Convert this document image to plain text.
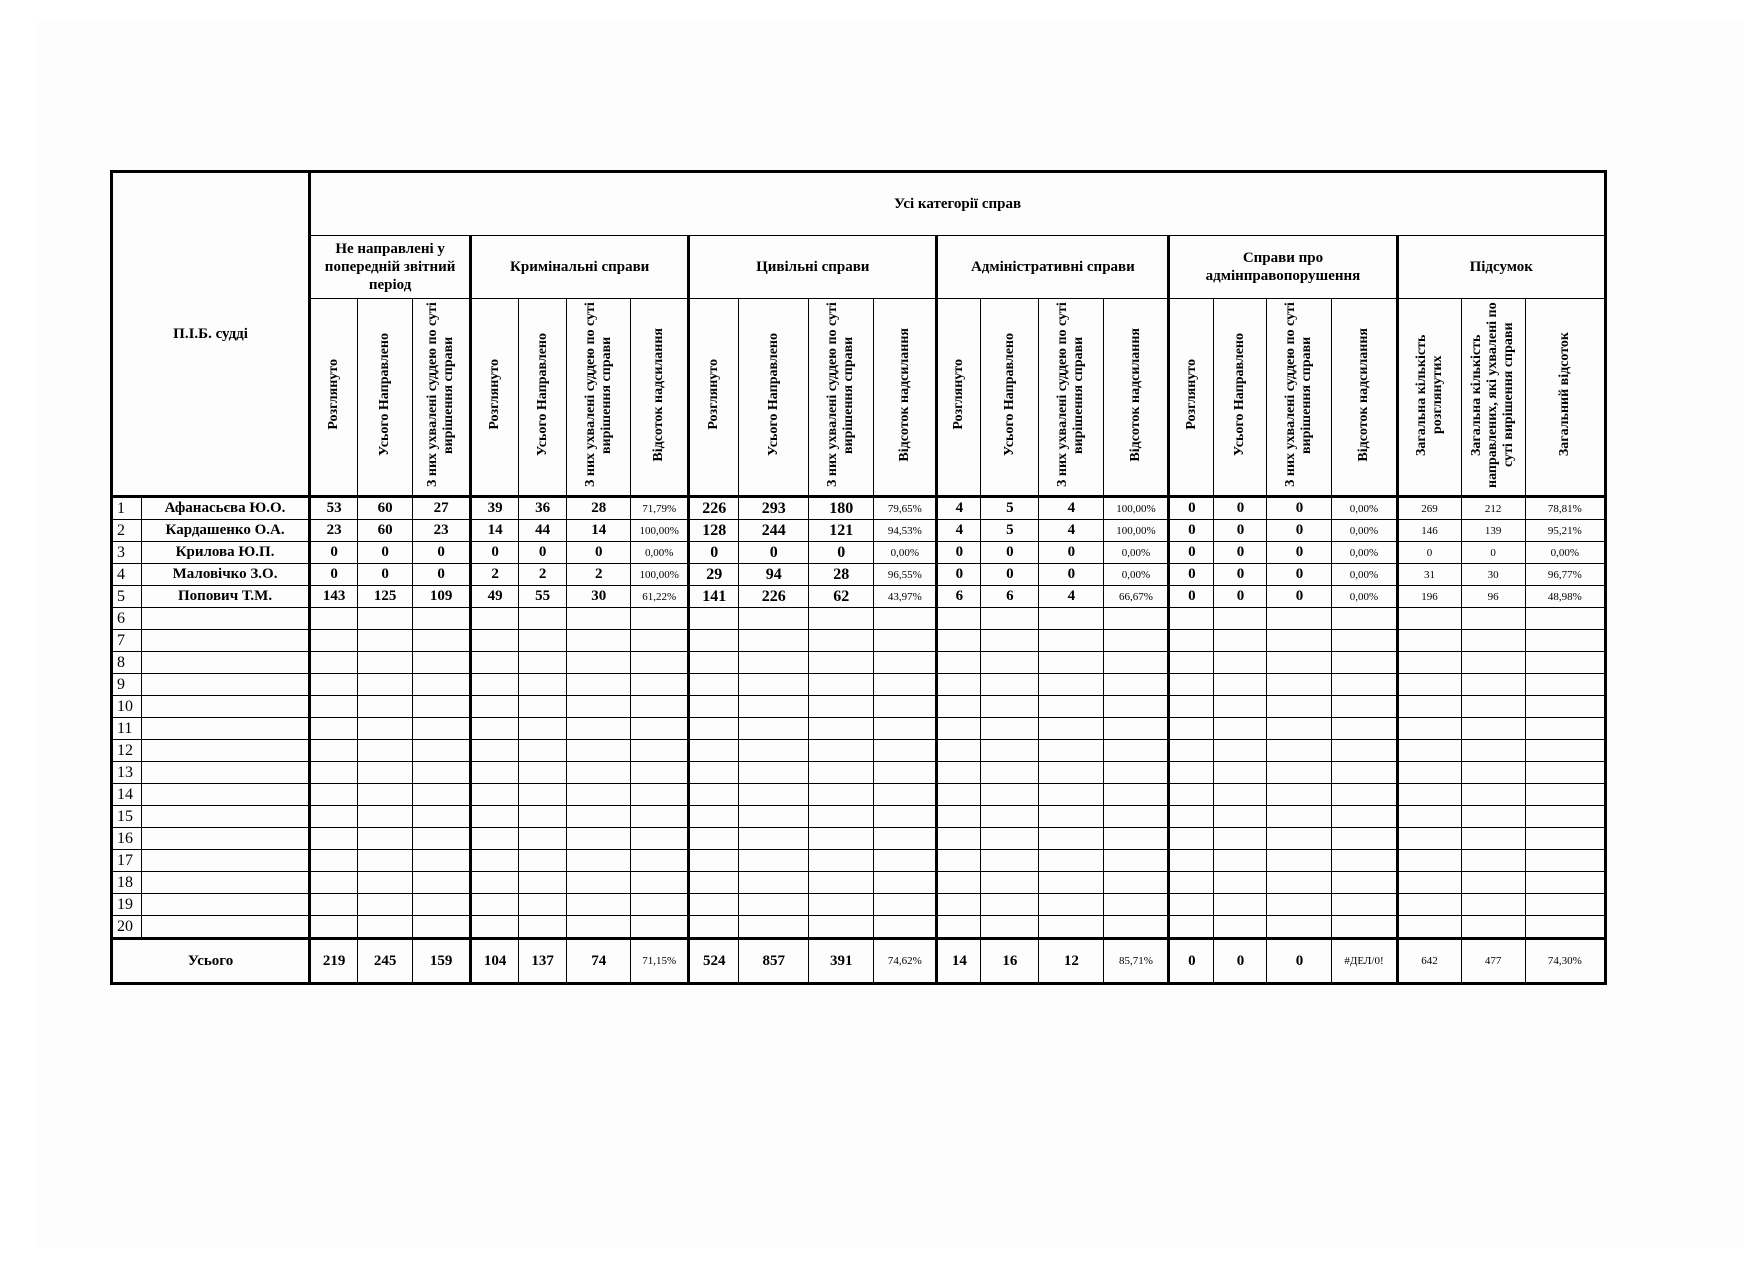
П.І.Б. судді		Усі категорії справ																					
		Не направлені у попередній звітний період			Кримінальні справи				Цивільні справи				Адміністративні справи				Справи про адмінправопорушення				Підсумок		
		Розглянуто	Усього Направлено	З них ухвалені суддею по суті вирішення справи	Розглянуто	Усього Направлено	З них ухвалені суддею по суті вирішення справи	Відсоток надсилання	Розглянуто	Усього Направлено	З них ухвалені суддею по суті вирішення справи	Відсоток надсилання	Розглянуто	Усього Направлено	З них ухвалені суддею по суті вирішення справи	Відсоток надсилання	Розглянуто	Усього Направлено	З них ухвалені суддею по суті вирішення справи	Відсоток надсилання	Загальна кількість розглянутих	Загальна кількість направлених, які ухвалені по суті вирішення справи	Загальний відсоток
1	Афанасьєва Ю.О.	53	60	27	39	36	28	71,79%	226	293	180	79,65%	4	5	4	100,00%	0	0	0	0,00%	269	212	78,81%
2	Кардашенко О.А.	23	60	23	14	44	14	100,00%	128	244	121	94,53%	4	5	4	100,00%	0	0	0	0,00%	146	139	95,21%
3	Крилова Ю.П.	0	0	0	0	0	0	0,00%	0	0	0	0,00%	0	0	0	0,00%	0	0	0	0,00%	0	0	0,00%
4	Маловічко З.О.	0	0	0	2	2	2	100,00%	29	94	28	96,55%	0	0	0	0,00%	0	0	0	0,00%	31	30	96,77%
5	Попович Т.М.	143	125	109	49	55	30	61,22%	141	226	62	43,97%	6	6	4	66,67%	0	0	0	0,00%	196	96	48,98%
6																							
7																							
8																							
9																							
10																							
11																							
12																							
13																							
14																							
15																							
16																							
17																							
18																							
19																							
20																							
Усього		219	245	159	104	137	74	71,15%	524	857	391	74,62%	14	16	12	85,71%	0	0	0	#ДЕЛ/0!	642	477	74,30%
